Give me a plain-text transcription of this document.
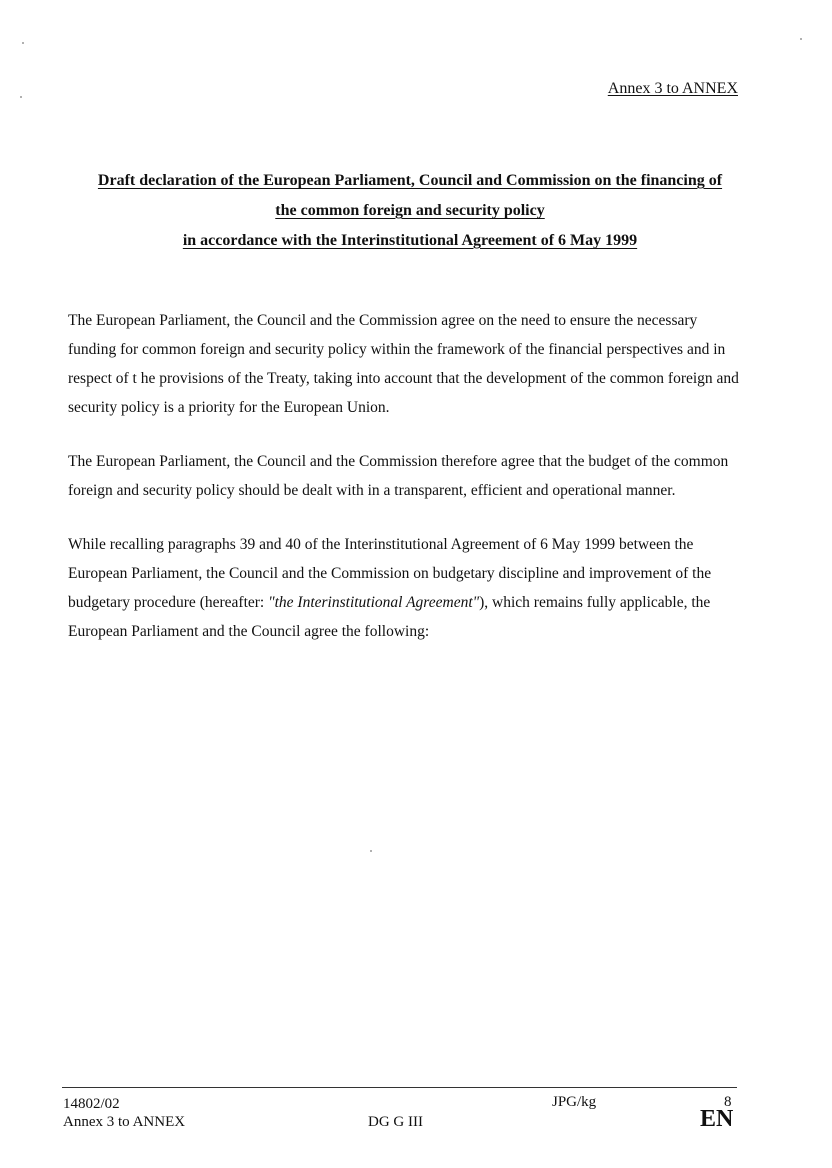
Annex 3 to ANNEX
Draft declaration of the European Parliament, Council and Commission on the financing of
the common foreign and security policy
in accordance with the Interinstitutional Agreement of 6 May 1999

The European Parliament, the Council and the Commission agree on the need to ensure the necessary funding for common foreign and security policy within the framework of the financial perspectives and in respect of t he provisions of the Treaty, taking into account that the development of the common foreign and security policy is a priority for the European Union.

The European Parliament, the Council and the Commission therefore agree that the budget of the common foreign and security policy should be dealt with in a transparent, efficient and operational manner.

While recalling paragraphs 39 and 40 of the Interinstitutional Agreement of 6 May 1999 between the European Parliament, the Council and the Commission on budgetary discipline and improvement of the budgetary procedure (hereafter: "the Interinstitutional Agreement"), which remains fully applicable, the European Parliament and the Council agree the following:

14802/02
Annex 3 to ANNEX	DG G III
JPG/kg	8
EN
